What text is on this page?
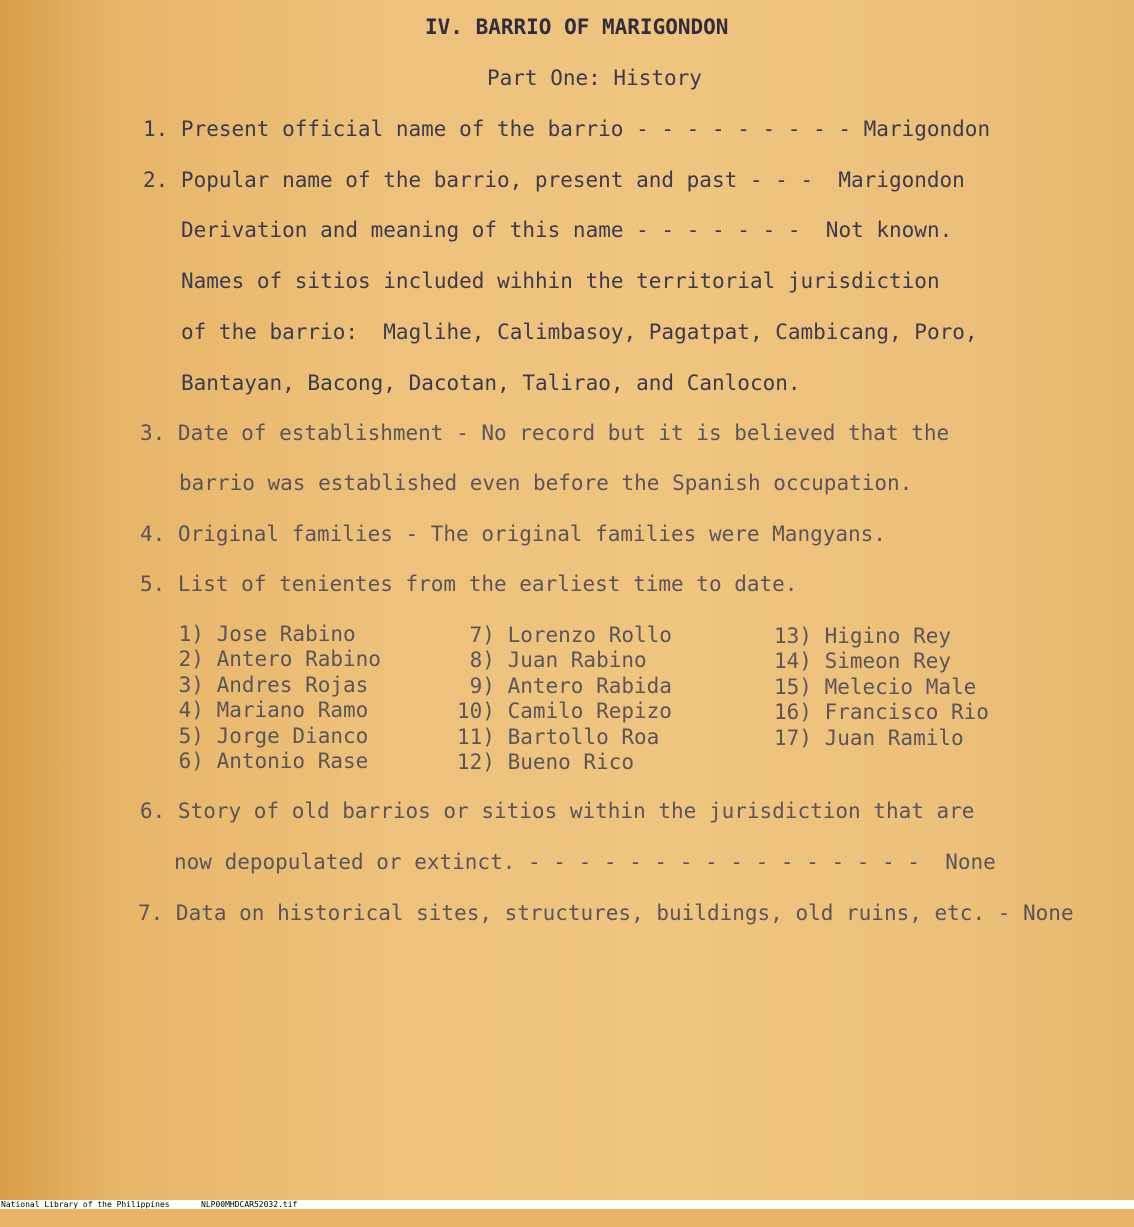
IV. BARRIO OF MARIGONDON
Part One: History
1. Present official name of the barrio - - - - - - - - - Marigondon
2. Popular name of the barrio, present and past - - -  Marigondon
Derivation and meaning of this name - - - - - - -  Not known.
Names of sitios included wihhin the territorial jurisdiction
of the barrio:  Maglihe, Calimbasoy, Pagatpat, Cambicang, Poro,
Bantayan, Bacong, Dacotan, Talirao, and Canlocon.
3. Date of establishment - No record but it is believed that the
barrio was established even before the Spanish occupation.
4. Original families - The original families were Mangyans.
5. List of tenientes from the earliest time to date.
1) Jose Rabino
2) Antero Rabino
3) Andres Rojas
4) Mariano Ramo
5) Jorge Dianco
6) Antonio Rase
7) Lorenzo Rollo
8) Juan Rabino
9) Antero Rabida
10) Camilo Repizo
11) Bartollo Roa
12) Bueno Rico
13) Higino Rey
14) Simeon Rey
15) Melecio Male
16) Francisco Rio
17) Juan Ramilo
6. Story of old barrios or sitios within the jurisdiction that are
now depopulated or extinct. - - - - - - - - - - - - - - - -  None
7. Data on historical sites, structures, buildings, old ruins, etc. - None

National Library of the Philippines

	NLP00MHDCAR52032.tif
